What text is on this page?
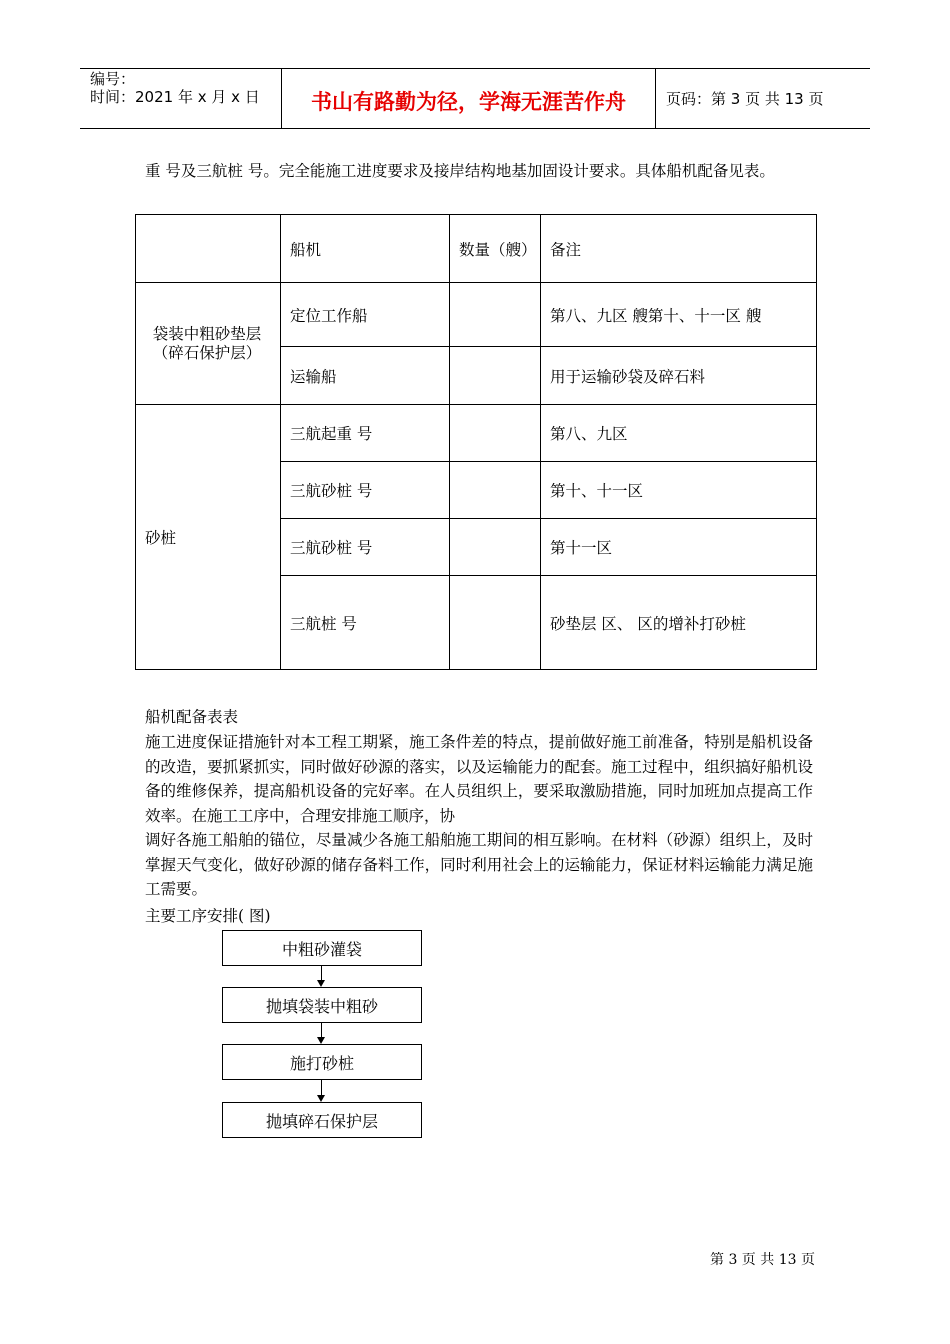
编号：
时间：2021 年 x 月 x 日	书山有路勤为径，学海无涯苦作舟	页码：第 3 页 共 13 页
重 号及三航桩 号。完全能施工进度要求及接岸结构地基加固设计要求。具体船机配备见表。
	船机	数量（艘）	备注

袋装中粗砂垫层（碎石保护层）	定位工作船		第八、九区 艘第十、十一区 艘
	运输船		用于运输砂袋及碎石料
砂桩	三航起重 号		第八、九区
	三航砂桩 号		第十、十一区
	三航砂桩 号		第十一区
	三航桩 号		砂垫层 区、 区的增补打砂桩
船机配备表表
施工进度保证措施针对本工程工期紧，施工条件差的特点，提前做好施工前准备，特别是船机设备的改造，要抓紧抓实，同时做好砂源的落实，以及运输能力的配套。施工过程中，组织搞好船机设备的维修保养，提高船机设备的完好率。在人员组织上，要采取激励措施，同时加班加点提高工作效率。在施工工序中，合理安排施工顺序，协
调好各施工船舶的锚位，尽量减少各施工船舶施工期间的相互影响。在材料（砂源）组织上，及时掌握天气变化，做好砂源的储存备料工作，同时利用社会上的运输能力，保证材料运输能力满足施工需要。
主要工序安排( 图)
中粗砂灌袋
抛填袋装中粗砂
施打砂桩
抛填碎石保护层
第 3 页 共 13 页
